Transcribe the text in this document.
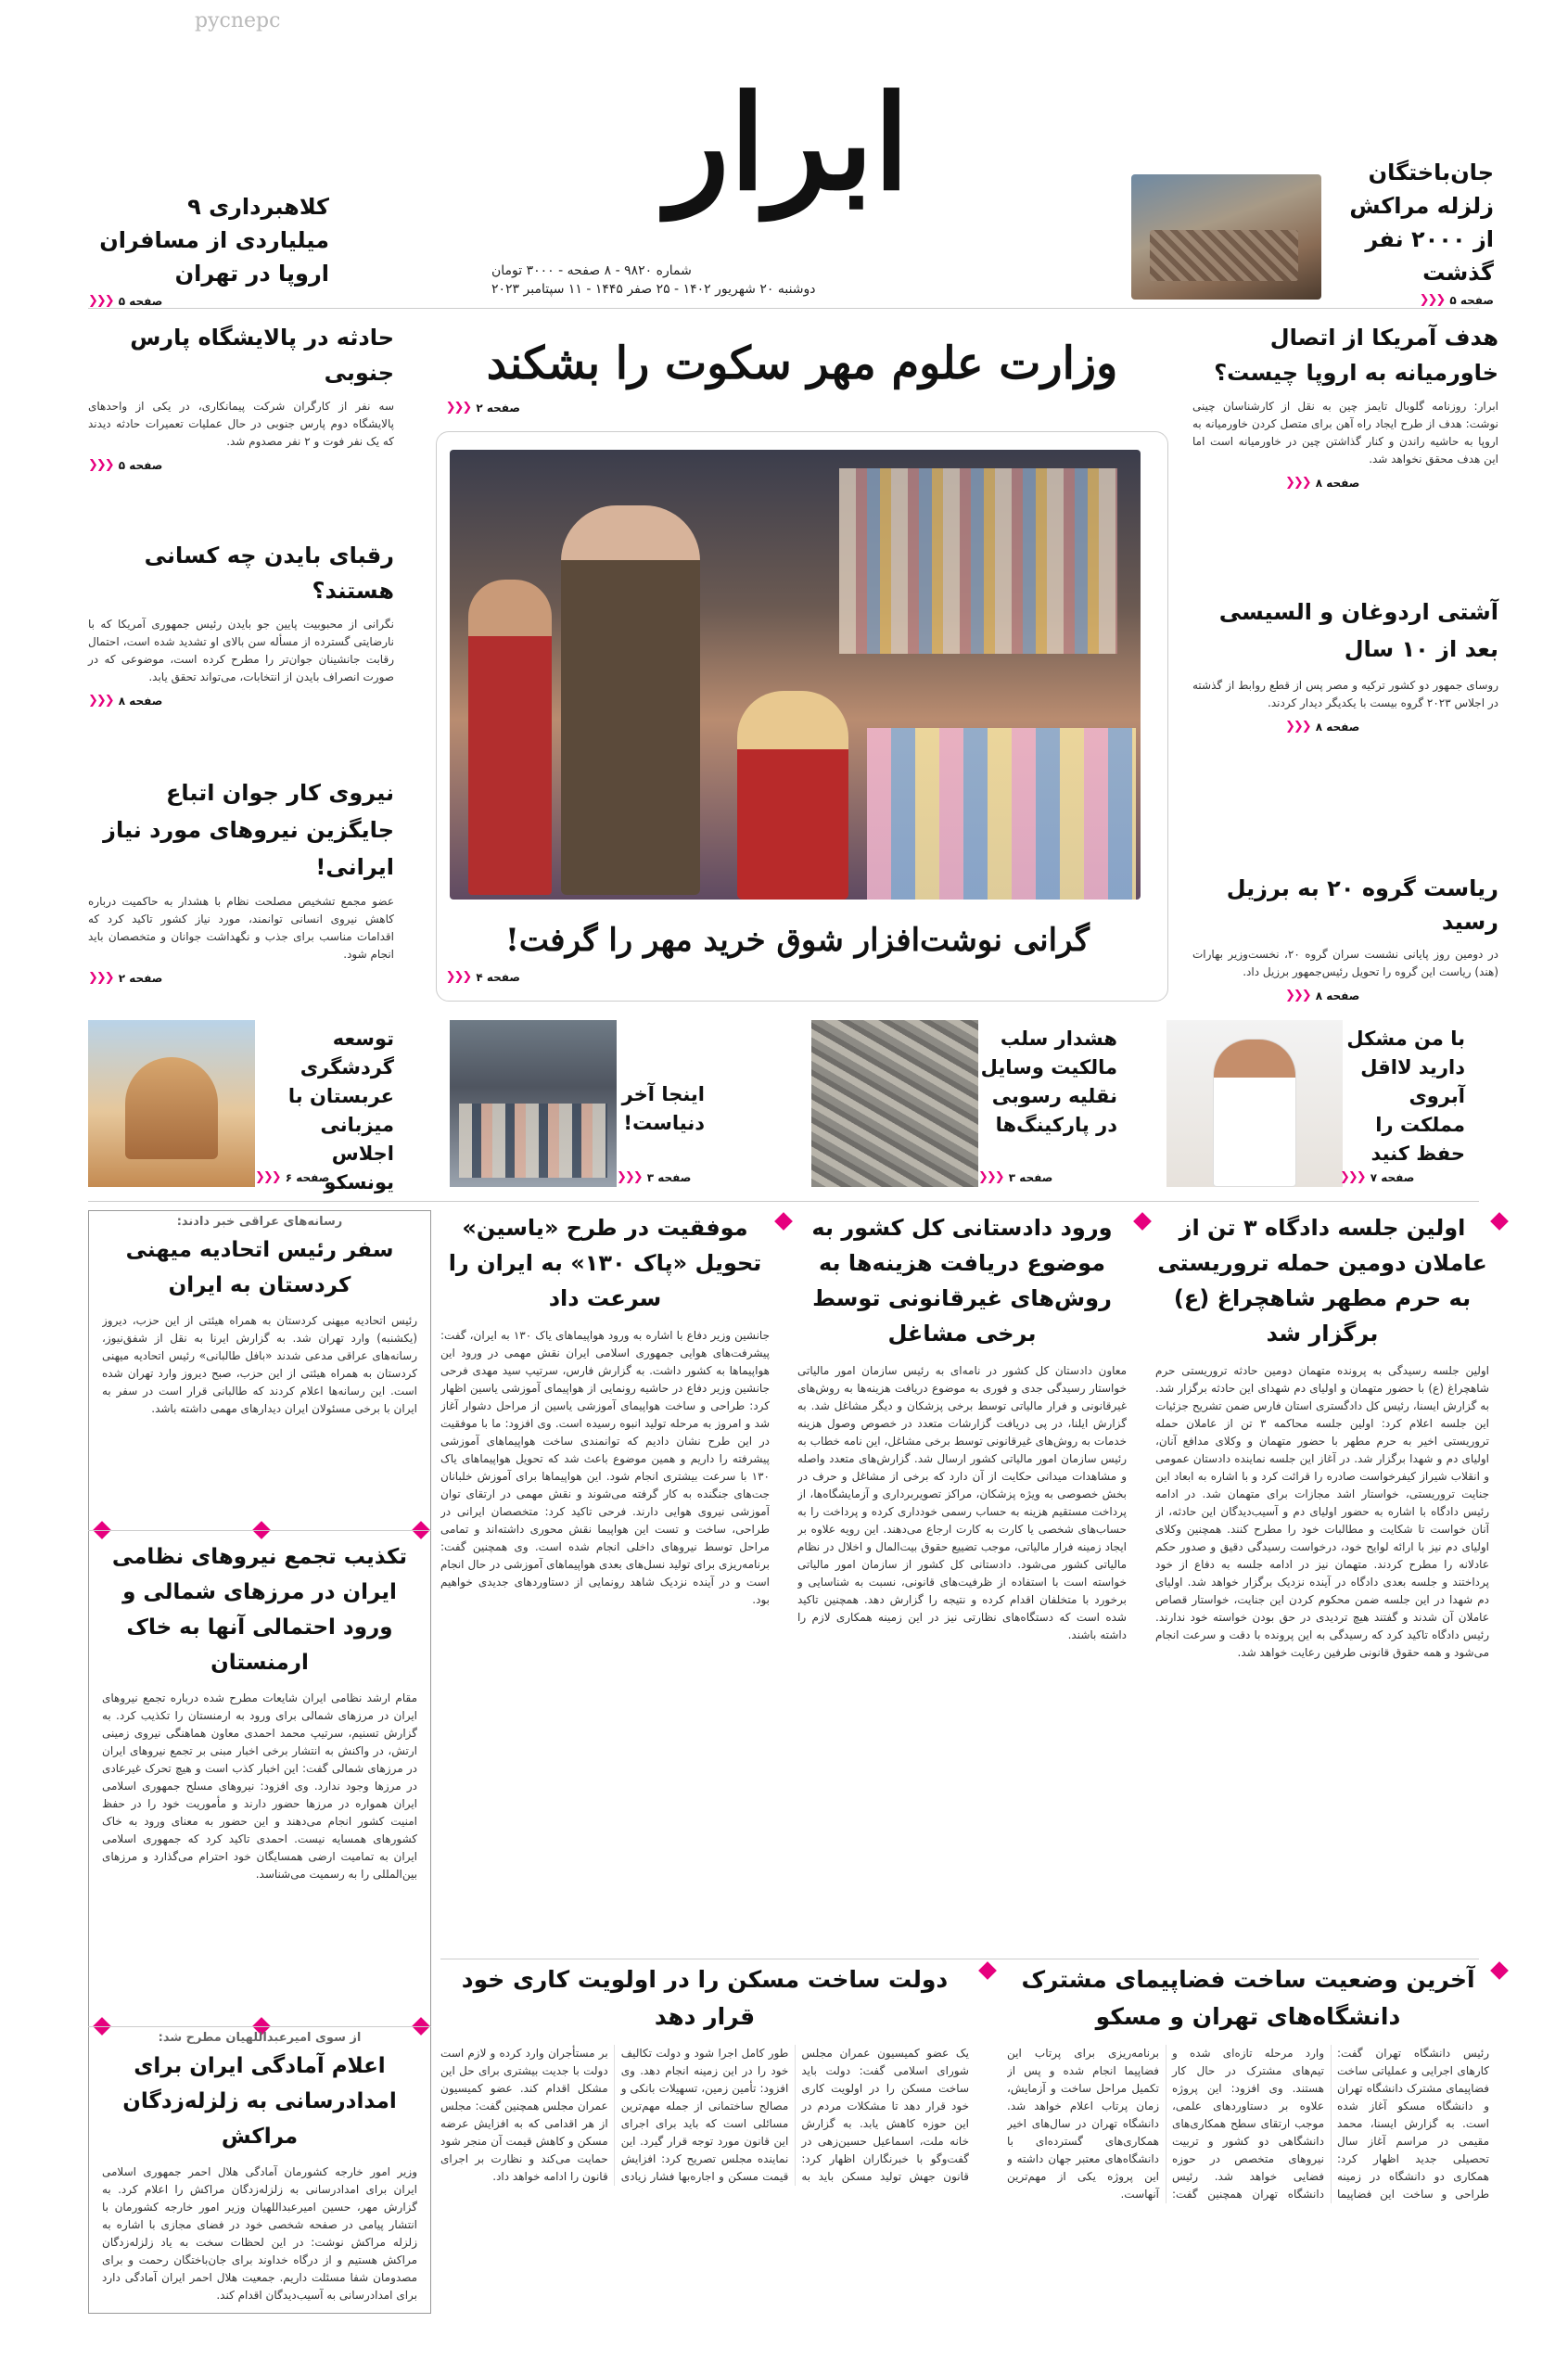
pycnepc
ابرار
شماره ۹۸۲۰ - ۸ صفحه - ۳۰۰۰ تومان
دوشنبه ۲۰ شهریور ۱۴۰۲ - ۲۵ صفر ۱۴۴۵ - ۱۱ سپتامبر ۲۰۲۳
جان‌باختگان زلزله مراکش از ۲۰۰۰ نفر گذشت
صفحه ۵
❮❮❮
کلاهبرداری ۹ میلیاردی از مسافران اروپا در تهران
صفحه ۵
❮❮❮
وزارت علوم مهر سکوت را بشکند
صفحه ۲
❮❮❮
گرانی نوشت‌افزار شوق خرید مهر را گرفت!
صفحه ۴
❮❮❮
هدف آمریکا از اتصال خاورمیانه به اروپا چیست؟
ابرار: روزنامه گلوبال تایمز چین به نقل از کارشناسان چینی نوشت: هدف از طرح ایجاد راه آهن برای متصل کردن خاورمیانه به اروپا به حاشیه راندن و کنار گذاشتن چین در خاورمیانه است اما این هدف محقق نخواهد شد.
صفحه ۸
❮❮❮
آشتی اردوغان و السیسی بعد از ۱۰ سال
روسای جمهور دو کشور ترکیه و مصر پس از قطع روابط از گذشته در اجلاس ۲۰۲۳ گروه بیست با یکدیگر دیدار کردند.
صفحه ۸
❮❮❮
ریاست گروه ۲۰ به برزیل رسید
در دومین روز پایانی نشست سران گروه ۲۰، نخست‌وزیر بهارات (هند) ریاست این گروه را تحویل رئیس‌جمهور برزیل داد.
صفحه ۸
❮❮❮
حادثه در پالایشگاه پارس جنوبی
سه نفر از کارگران شرکت پیمانکاری، در یکی از واحدهای پالایشگاه دوم پارس جنوبی در حال عملیات تعمیرات حادثه دیدند که یک نفر فوت و ۲ نفر مصدوم شد.
صفحه ۵
❮❮❮
رقبای بایدن چه کسانی هستند؟
نگرانی از محبوبیت پایین جو بایدن رئیس جمهوری آمریکا که با نارضایتی گسترده از مسأله سن بالای او تشدید شده است، احتمال رقابت جانشینان جوان‌تر را مطرح کرده است، موضوعی که در صورت انصراف بایدن از انتخابات، می‌تواند تحقق یابد.
صفحه ۸
❮❮❮
نیروی کار جوان اتباع جایگزین نیروهای مورد نیاز ایرانی!
عضو مجمع تشخیص مصلحت نظام با هشدار به حاکمیت درباره کاهش نیروی انسانی توانمند، مورد نیاز کشور تاکید کرد که اقدامات مناسب برای جذب و نگهداشت جوانان و متخصصان باید انجام شود.
صفحه ۲
❮❮❮
با من مشکل دارید لااقل آبروی مملکت را حفظ کنید
صفحه ۷
❮❮❮
هشدار سلب مالکیت وسایل نقلیه رسوبی در پارکینگ‌ها
صفحه ۳
❮❮❮
اینجا آخر دنیاست!
صفحه ۳
❮❮❮
توسعه گردشگری عربستان با میزبانی اجلاس یونسکو
صفحه ۶
❮❮❮
اولین جلسه دادگاه ۳ تن از عاملان دومین حمله تروریستی به حرم مطهر شاهچراغ (ع) برگزار شد
اولین جلسه رسیدگی به پرونده متهمان دومین حادثه تروریستی حرم شاهچراغ (ع) با حضور متهمان و اولیای دم شهدای این حادثه برگزار شد. به گزارش ایسنا، رئیس کل دادگستری استان فارس ضمن تشریح جزئیات این جلسه اعلام کرد: اولین جلسه محاکمه ۳ تن از عاملان حمله تروریستی اخیر به حرم مطهر با حضور متهمان و وکلای مدافع آنان، اولیای دم و شهدا برگزار شد. در آغاز این جلسه نماینده دادستان عمومی و انقلاب شیراز کیفرخواست صادره را قرائت کرد و با اشاره به ابعاد این جنایت تروریستی، خواستار اشد مجازات برای متهمان شد. در ادامه رئیس دادگاه با اشاره به حضور اولیای دم و آسیب‌دیدگان این حادثه، از آنان خواست تا شکایت و مطالبات خود را مطرح کنند. همچنین وکلای اولیای دم نیز با ارائه لوایح خود، درخواست رسیدگی دقیق و صدور حکم عادلانه را مطرح کردند. متهمان نیز در ادامه جلسه به دفاع از خود پرداختند و جلسه بعدی دادگاه در آینده نزدیک برگزار خواهد شد. اولیای دم شهدا در این جلسه ضمن محکوم کردن این جنایت، خواستار قصاص عاملان آن شدند و گفتند هیچ تردیدی در حق بودن خواسته خود ندارند. رئیس دادگاه تاکید کرد که رسیدگی به این پرونده با دقت و سرعت انجام می‌شود و همه حقوق قانونی طرفین رعایت خواهد شد.
ورود دادستانی کل کشور به موضوع دریافت هزینه‌ها به روش‌های غیرقانونی توسط برخی مشاغل
معاون دادستان کل کشور در نامه‌ای به رئیس سازمان امور مالیاتی خواستار رسیدگی جدی و فوری به موضوع دریافت هزینه‌ها به روش‌های غیرقانونی و فرار مالیاتی توسط برخی پزشکان و دیگر مشاغل شد. به گزارش ایلنا، در پی دریافت گزارشات متعدد در خصوص وصول هزینه خدمات به روش‌های غیرقانونی توسط برخی مشاغل، این نامه خطاب به رئیس سازمان امور مالیاتی کشور ارسال شد. گزارش‌های متعدد واصله و مشاهدات میدانی حکایت از آن دارد که برخی از مشاغل و حرف در بخش خصوصی به ویژه پزشکان، مراکز تصویربرداری و آزمایشگاه‌ها، از پرداخت مستقیم هزینه به حساب رسمی خودداری کرده و پرداخت را به حساب‌های شخصی یا کارت به کارت ارجاع می‌دهند. این رویه علاوه بر ایجاد زمینه فرار مالیاتی، موجب تضییع حقوق بیت‌المال و اخلال در نظام مالیاتی کشور می‌شود. دادستانی کل کشور از سازمان امور مالیاتی خواسته است با استفاده از ظرفیت‌های قانونی، نسبت به شناسایی و برخورد با متخلفان اقدام کرده و نتیجه را گزارش دهد. همچنین تاکید شده است که دستگاه‌های نظارتی نیز در این زمینه همکاری لازم را داشته باشند.
موفقیت در طرح «یاسین» تحویل «پاک ۱۳۰» به ایران را سرعت داد
جانشین وزیر دفاع با اشاره به ورود هواپیماهای یاک ۱۳۰ به ایران، گفت: پیشرفت‌های هوایی جمهوری اسلامی ایران نقش مهمی در ورود این هواپیماها به کشور داشت. به گزارش فارس، سرتیپ سید مهدی فرحی جانشین وزیر دفاع در حاشیه رونمایی از هواپیمای آموزشی یاسین اظهار کرد: طراحی و ساخت هواپیمای آموزشی یاسین از مراحل دشوار آغاز شد و امروز به مرحله تولید انبوه رسیده است. وی افزود: ما با موفقیت در این طرح نشان دادیم که توانمندی ساخت هواپیماهای آموزشی پیشرفته را داریم و همین موضوع باعث شد که تحویل هواپیماهای یاک ۱۳۰ با سرعت بیشتری انجام شود. این هواپیماها برای آموزش خلبانان جت‌های جنگنده به کار گرفته می‌شوند و نقش مهمی در ارتقای توان آموزشی نیروی هوایی دارند. فرحی تاکید کرد: متخصصان ایرانی در طراحی، ساخت و تست این هواپیما نقش محوری داشته‌اند و تمامی مراحل توسط نیروهای داخلی انجام شده است. وی همچنین گفت: برنامه‌ریزی برای تولید نسل‌های بعدی هواپیماهای آموزشی در حال انجام است و در آینده نزدیک شاهد رونمایی از دستاوردهای جدیدی خواهیم بود.
رسانه‌های عراقی خبر دادند:
سفر رئیس اتحادیه میهنی کردستان به ایران
رئیس اتحادیه میهنی کردستان به همراه هیئتی از این حزب، دیروز (یکشنبه) وارد تهران شد. به گزارش ایرنا به نقل از شفق‌نیوز، رسانه‌های عراقی مدعی شدند «بافل طالبانی» رئیس اتحادیه میهنی کردستان به همراه هیئتی از این حزب، صبح دیروز وارد تهران شده است. این رسانه‌ها اعلام کردند که طالبانی قرار است در سفر به ایران با برخی مسئولان ایران دیدارهای مهمی داشته باشد.
تکذیب تجمع نیروهای نظامی ایران در مرزهای شمالی و ورود احتمالی آنها به خاک ارمنستان
مقام ارشد نظامی ایران شایعات مطرح شده درباره تجمع نیروهای ایران در مرزهای شمالی برای ورود به ارمنستان را تکذیب کرد. به گزارش تسنیم، سرتیپ محمد احمدی معاون هماهنگی نیروی زمینی ارتش، در واکنش به انتشار برخی اخبار مبنی بر تجمع نیروهای ایران در مرزهای شمالی گفت: این اخبار کذب است و هیچ تحرک غیرعادی در مرزها وجود ندارد. وی افزود: نیروهای مسلح جمهوری اسلامی ایران همواره در مرزها حضور دارند و مأموریت خود را در حفظ امنیت کشور انجام می‌دهند و این حضور به معنای ورود به خاک کشورهای همسایه نیست. احمدی تاکید کرد که جمهوری اسلامی ایران به تمامیت ارضی همسایگان خود احترام می‌گذارد و مرزهای بین‌المللی را به رسمیت می‌شناسد.
از سوی امیرعبداللهیان مطرح شد:
اعلام آمادگی ایران برای امدادرسانی به زلزله‌زدگان مراکش
وزیر امور خارجه کشورمان آمادگی هلال احمر جمهوری اسلامی ایران برای امدادرسانی به زلزله‌زدگان مراکش را اعلام کرد. به گزارش مهر، حسین امیرعبداللهیان وزیر امور خارجه کشورمان با انتشار پیامی در صفحه شخصی خود در فضای مجازی با اشاره به زلزله مراکش نوشت: در این لحظات سخت به یاد زلزله‌زدگان مراکش هستیم و از درگاه خداوند برای جان‌باختگان رحمت و برای مصدومان شفا مسئلت داریم. جمعیت هلال احمر ایران آمادگی دارد برای امدادرسانی به آسیب‌دیدگان اقدام کند.
آخرین وضعیت ساخت فضاپیمای مشترک دانشگاه‌های تهران و مسکو
رئیس دانشگاه تهران گفت: کارهای اجرایی و عملیاتی ساخت فضاپیمای مشترک دانشگاه تهران و دانشگاه مسکو آغاز شده است. به گزارش ایسنا، محمد مقیمی در مراسم آغاز سال تحصیلی جدید اظهار کرد: همکاری دو دانشگاه در زمینه طراحی و ساخت این فضاپیما وارد مرحله تازه‌ای شده و تیم‌های مشترک در حال کار هستند. وی افزود: این پروژه علاوه بر دستاوردهای علمی، موجب ارتقای سطح همکاری‌های دانشگاهی دو کشور و تربیت نیروهای متخصص در حوزه فضایی خواهد شد. رئیس دانشگاه تهران همچنین گفت: برنامه‌ریزی برای پرتاب این فضاپیما انجام شده و پس از تکمیل مراحل ساخت و آزمایش، زمان پرتاب اعلام خواهد شد. دانشگاه تهران در سال‌های اخیر همکاری‌های گسترده‌ای با دانشگاه‌های معتبر جهان داشته و این پروژه یکی از مهم‌ترین آنهاست.
دولت ساخت مسکن را در اولویت کاری خود قرار دهد
یک عضو کمیسیون عمران مجلس شورای اسلامی گفت: دولت باید ساخت مسکن را در اولویت کاری خود قرار دهد تا مشکلات مردم در این حوزه کاهش یابد. به گزارش خانه ملت، اسماعیل حسین‌زهی در گفت‌وگو با خبرنگاران اظهار کرد: قانون جهش تولید مسکن باید به طور کامل اجرا شود و دولت تکالیف خود را در این زمینه انجام دهد. وی افزود: تأمین زمین، تسهیلات بانکی و مصالح ساختمانی از جمله مهم‌ترین مسائلی است که باید برای اجرای این قانون مورد توجه قرار گیرد. این نماینده مجلس تصریح کرد: افزایش قیمت مسکن و اجاره‌بها فشار زیادی بر مستأجران وارد کرده و لازم است دولت با جدیت بیشتری برای حل این مشکل اقدام کند. عضو کمیسیون عمران مجلس همچنین گفت: مجلس از هر اقدامی که به افزایش عرضه مسکن و کاهش قیمت آن منجر شود حمایت می‌کند و نظارت بر اجرای قانون را ادامه خواهد داد.
